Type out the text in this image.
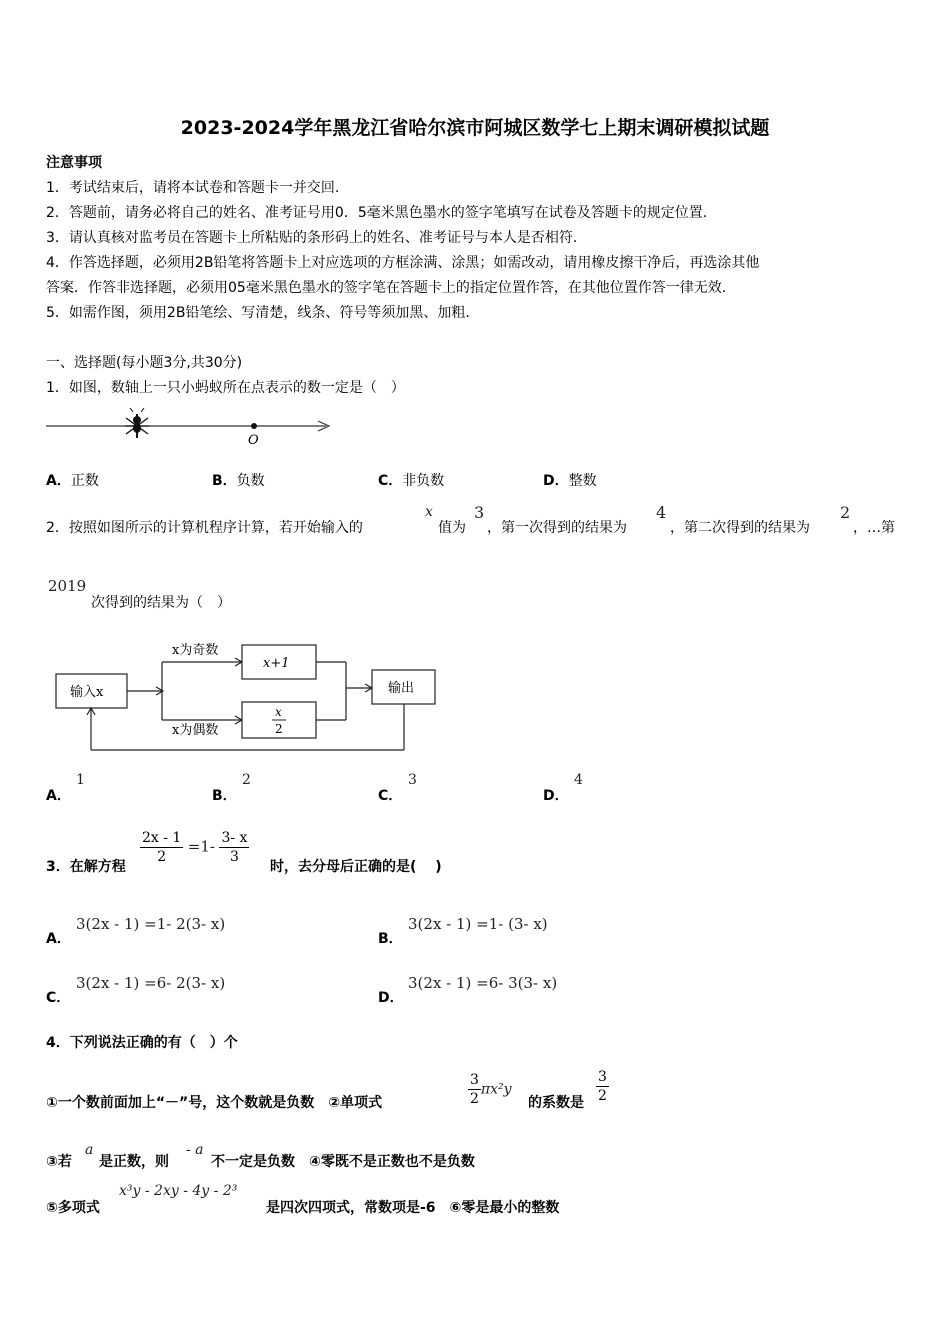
2023-2024学年黑龙江省哈尔滨市阿城区数学七上期末调研模拟试题
注意事项
1．考试结束后，请将本试卷和答题卡一并交回.
2．答题前，请务必将自己的姓名、准考证号用0．5毫米黑色墨水的签字笔填写在试卷及答题卡的规定位置.
3．请认真核对监考员在答题卡上所粘贴的条形码上的姓名、准考证号与本人是否相符.
4．作答选择题，必须用2B铅笔将答题卡上对应选项的方框涂满、涂黑；如需改动，请用橡皮擦干净后，再选涂其他
答案．作答非选择题，必须用05毫米黑色墨水的签字笔在答题卡上的指定位置作答，在其他位置作答一律无效.
5．如需作图，须用2B铅笔绘、写清楚，线条、符号等须加黑、加粗.
一、选择题(每小题3分,共30分)
1．如图，数轴上一只小蚂蚁所在点表示的数一定是（　）
O
A．正数	B．负数	C．非负数	D．整数
2．按照如图所示的计算机程序计算，若开始输入的
x
值为
3
，第一次得到的结果为
4
，第二次得到的结果为
2
，…第
2019
次得到的结果为（　）
输入x
x为奇数
x为偶数
x+1
x
2
输出
A．
1
B．
2
C．
3
D．
4
3．在解方程
$\frac{2x - 1}{2} =1- \frac{3- x}{3}$
时，去分母后正确的是(　 )
A．
3(2x - 1) =1- 2(3- x)
B．
3(2x - 1) =1- (3- x)
C．
3(2x - 1) =6- 2(3- x)
D．
3(2x - 1) =6- 3(3- x)
4．下列说法正确的有（　）个
①一个数前面加上“－”号，这个数就是负数　②单项式	$\frac{3}{2} \pi x^2y$
的系数是 $\frac{3}{2}$
③若
a
是正数，则
- a
不一定是负数　④零既不是正数也不是负数
⑤多项式
x³y - 2xy - 4y - 2³
是四次四项式，常数项是-6　⑥零是最小的整数
